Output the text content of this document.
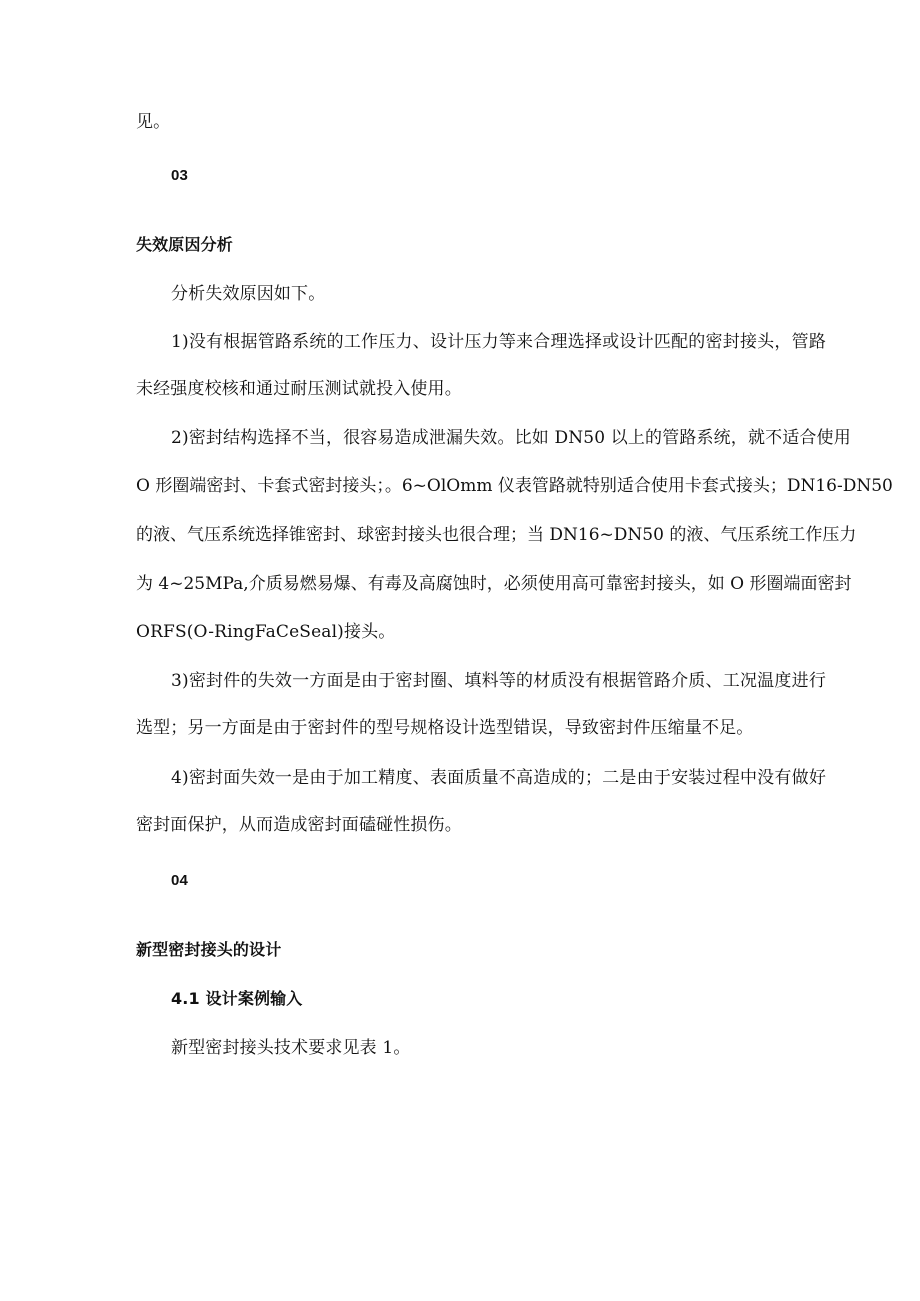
见。
03
失效原因分析
分析失效原因如下。
1)没有根据管路系统的工作压力、设计压力等来合理选择或设计匹配的密封接头，管路
未经强度校核和通过耐压测试就投入使用。
2)密封结构选择不当，很容易造成泄漏失效。比如 DN50 以上的管路系统，就不适合使用
O 形圈端密封、卡套式密封接头；。6~OlOmm 仪表管路就特别适合使用卡套式接头；DN16-DN50
的液、气压系统选择锥密封、球密封接头也很合理；当 DN16~DN50 的液、气压系统工作压力
为 4~25MPa,介质易燃易爆、有毒及高腐蚀时，必须使用高可靠密封接头，如 O 形圈端面密封
ORFS(O-RingFaCeSeal)接头。
3)密封件的失效一方面是由于密封圈、填料等的材质没有根据管路介质、工况温度进行
选型；另一方面是由于密封件的型号规格设计选型错误，导致密封件压缩量不足。
4)密封面失效一是由于加工精度、表面质量不高造成的；二是由于安装过程中没有做好
密封面保护，从而造成密封面磕碰性损伤。
04
新型密封接头的设计
4.1 设计案例输入
新型密封接头技术要求见表 1。
